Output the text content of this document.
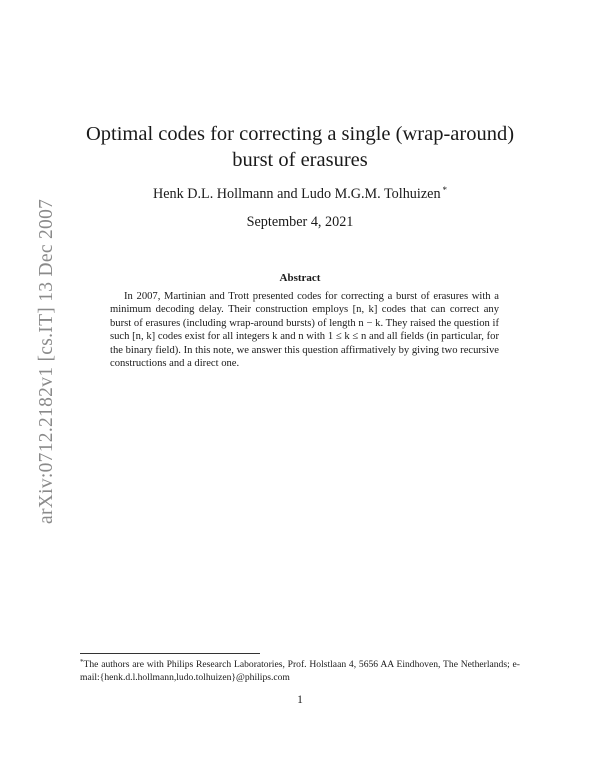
arXiv:0712.2182v1 [cs.IT] 13 Dec 2007
Optimal codes for correcting a single (wrap-around)
burst of erasures
Henk D.L. Hollmann and Ludo M.G.M. Tolhuizen *
September 4, 2021
Abstract

In 2007, Martinian and Trott presented codes for correcting a burst of erasures with a minimum decoding delay. Their construction employs [n, k] codes that can correct any burst of erasures (including wrap-around bursts) of length n − k. They raised the question if such [n, k] codes exist for all integers k and n with 1 ≤ k ≤ n and all fields (in particular, for the binary field). In this note, we answer this question affirmatively by giving two recursive constructions and a direct one.

*The authors are with Philips Research Laboratories, Prof. Holstlaan 4, 5656 AA Eindhoven, The Netherlands; e-mail:{henk.d.l.hollmann,ludo.tolhuizen}@philips.com

1
